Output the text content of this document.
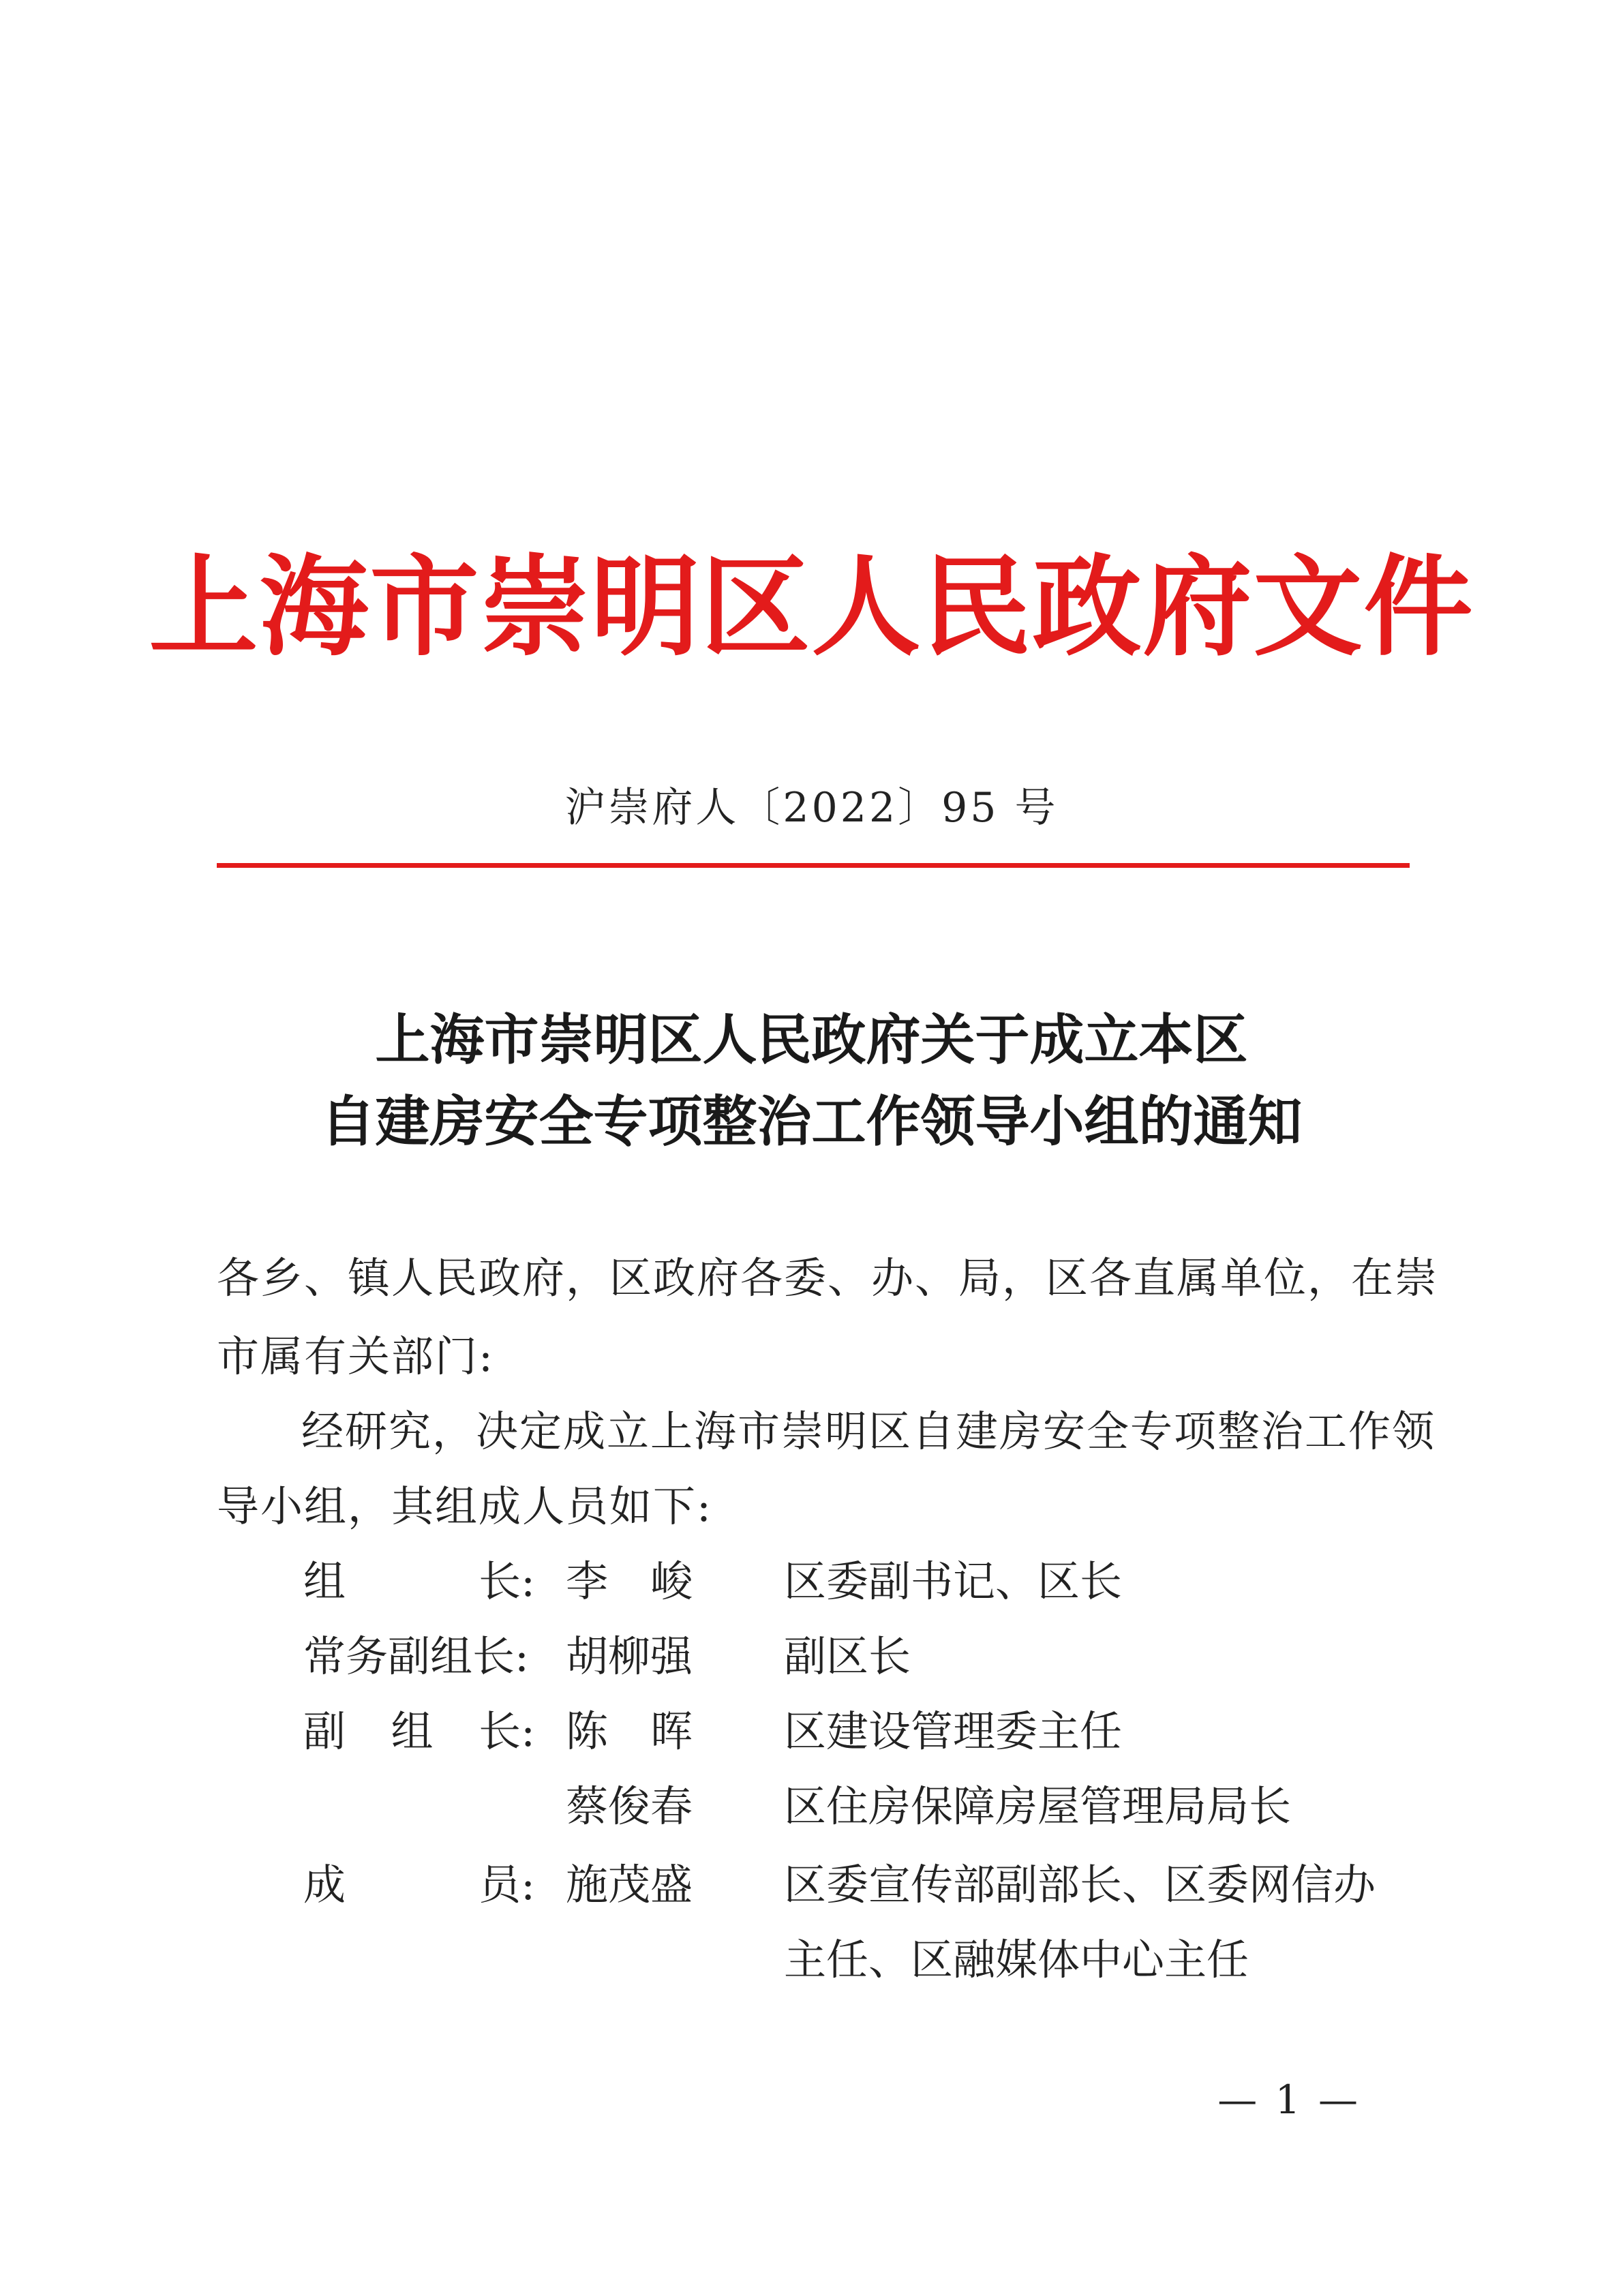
上海市崇明区人民政府文件
沪崇府人〔2022〕95 号
上海市崇明区人民政府关于成立本区
自建房安全专项整治工作领导小组的通知
各乡、镇人民政府，区政府各委、办、局，区各直属单位，在崇
市属有关部门:
经研究，决定成立上海市崇明区自建房安全专项整治工作领
导小组，其组成人员如下:
组	长: 李　峻 区委副书记、区长
常务副组长: 胡柳强 副区长
副 组 长: 陈　晖 区建设管理委主任
蔡俊春 区住房保障房屋管理局局长
成	员: 施茂盛 区委宣传部副部长、区委网信办
主任、区融媒体中心主任
— 1 —
